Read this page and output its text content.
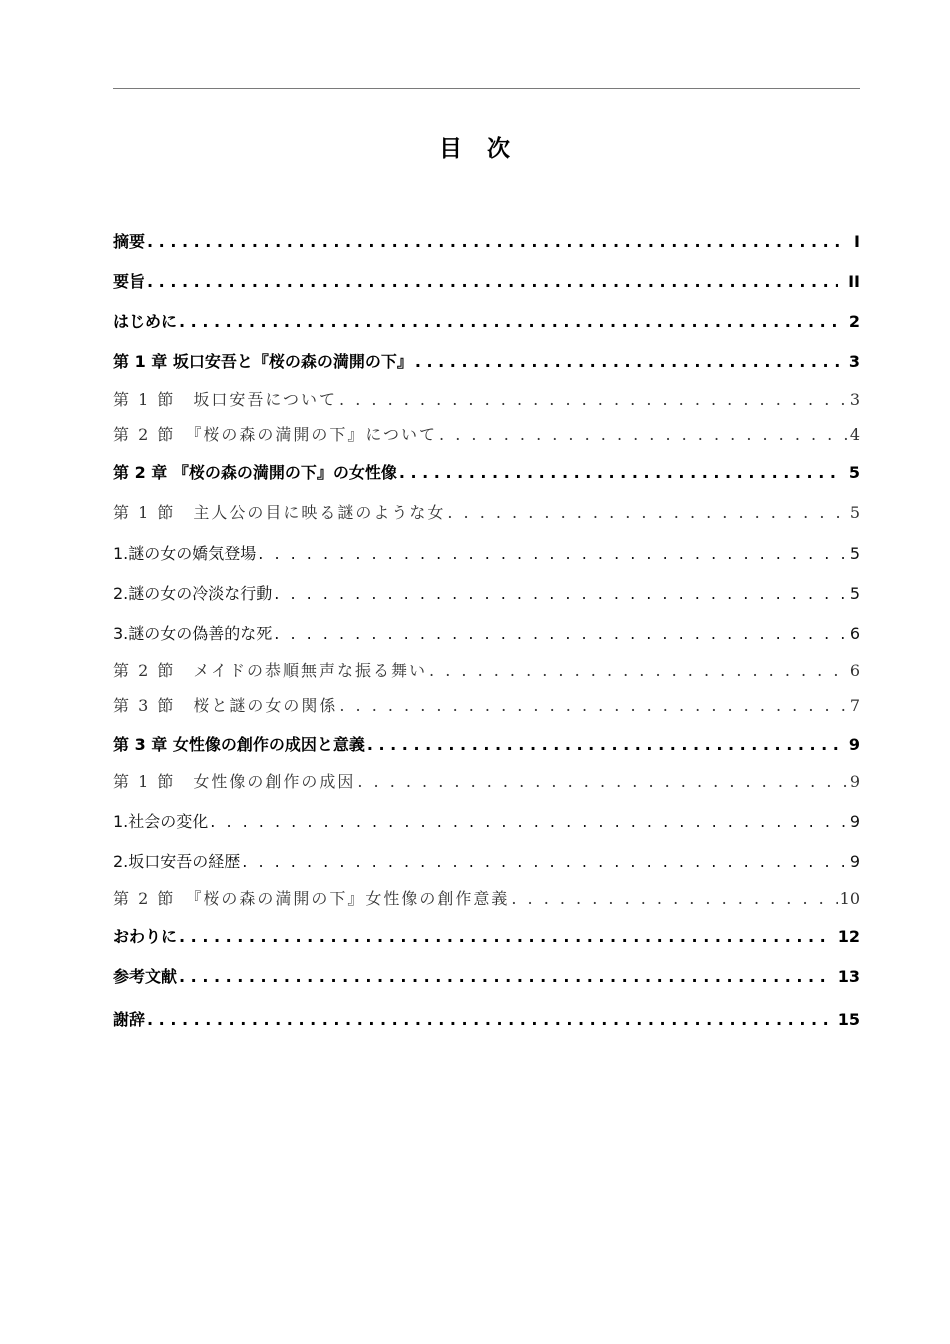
目　次
摘要 . . .	I
要旨 . . .	II
はじめに . . .	2
第 1 章 坂口安吾と『桜の森の満開の下』 . . .	3
第 1 節　坂口安吾について . . .	3
第 2 節　『桜の森の満開の下』について . . .	4
第 2 章 『桜の森の満開の下』の女性像 . . .	5
第 1 節　主人公の目に映る謎のような女 . . .	5
1.謎の女の嬌気登場 . . .	5
2.謎の女の冷淡な行動 . . .	5
3.謎の女の偽善的な死 . . .	6
第 2 節　メイドの恭順無声な振る舞い . . .	6
第 3 節　桜と謎の女の関係 . . .	7
第 3 章 女性像の創作の成因と意義 . . .	9
第 1 節　女性像の創作の成因 . . .	9
1.社会の変化 . . .	9
2.坂口安吾の経歴 . . .	9
第 2 節　『桜の森の満開の下』女性像の創作意義 . . .	10
おわりに . . .	12
参考文献 . . .	13
謝辞 . . .	15
